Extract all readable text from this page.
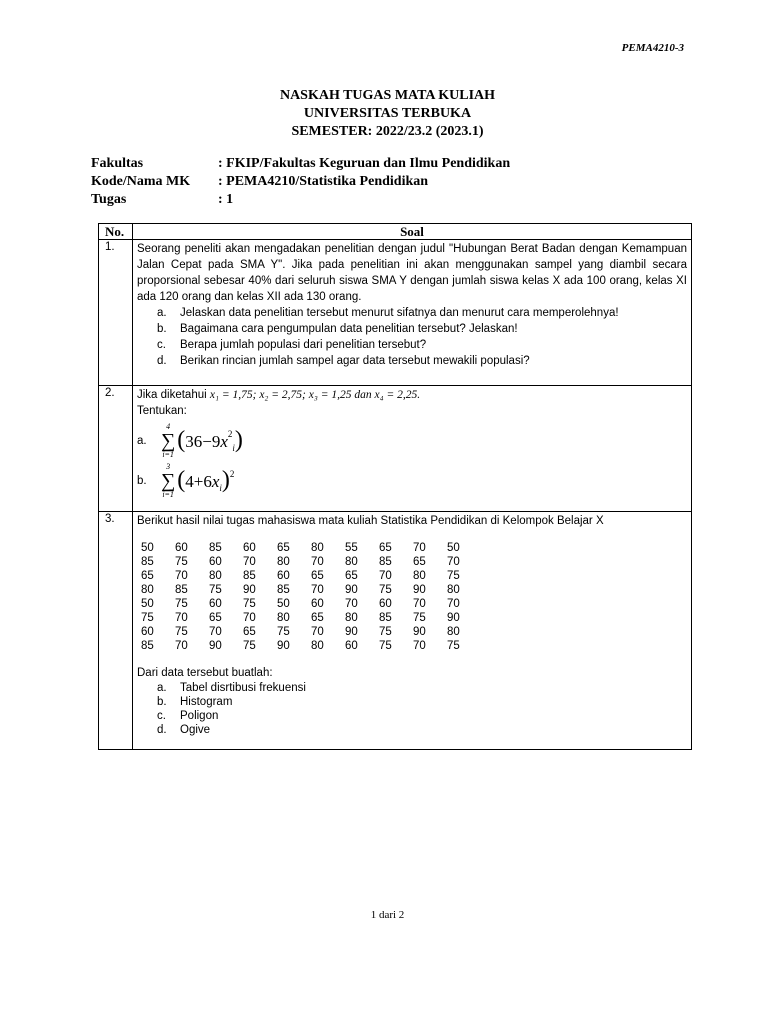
PEMA4210-3
NASKAH TUGAS MATA KULIAH
UNIVERSITAS TERBUKA
SEMESTER: 2022/23.2 (2023.1)
Fakultas	: FKIP/Fakultas Keguruan dan Ilmu Pendidikan
Kode/Nama MK	: PEMA4210/Statistika Pendidikan
Tugas	: 1
No.	Soal
1.	Seorang peneliti akan mengadakan penelitian dengan judul "Hubungan Berat Badan dengan Kemampuan Jalan Cepat pada SMA Y". Jika pada penelitian ini akan menggunakan sampel yang diambil secara proporsional sebesar 40% dari seluruh siswa SMA Y dengan jumlah siswa kelas X ada 100 orang, kelas XI ada 120 orang dan kelas XII ada 130 orang.
a.	Jelaskan data penelitian tersebut menurut sifatnya dan menurut cara memperolehnya!
b.	Bagaimana cara pengumpulan data penelitian tersebut? Jelaskan!
c.	Berapa jumlah populasi dari penelitian tersebut?
d.	Berikan rincian jumlah sampel agar data tersebut mewakili populasi?

2.	Jika diketahui x₁ = 1,75; x₂ = 2,75; x₃ = 1,25 dan x₄ = 2,25.
Tentukan:
a.
4
∑
i=1
$(36-9x^2_i)$
b.
3
∑
i=1
$(4+6x_i)^2$

3.	Berikut hasil nilai tugas mahasiswa mata kuliah Statistika Pendidikan di Kelompok Belajar X
50	60	85	60	65	80	55	65	70	50
85	75	60	70	80	70	80	85	65	70
65	70	80	85	60	65	65	70	80	75
80	85	75	90	85	70	90	75	90	80
50	75	60	75	50	60	70	60	70	70
75	70	65	70	80	65	80	85	75	90
60	75	70	65	75	70	90	75	90	80
85	70	90	75	90	80	60	75	70	75
Dari data tersebut buatlah:
a.	Tabel disrtibusi frekuensi
b.	Histogram
c.	Poligon
d.	Ogive
1 dari 2
